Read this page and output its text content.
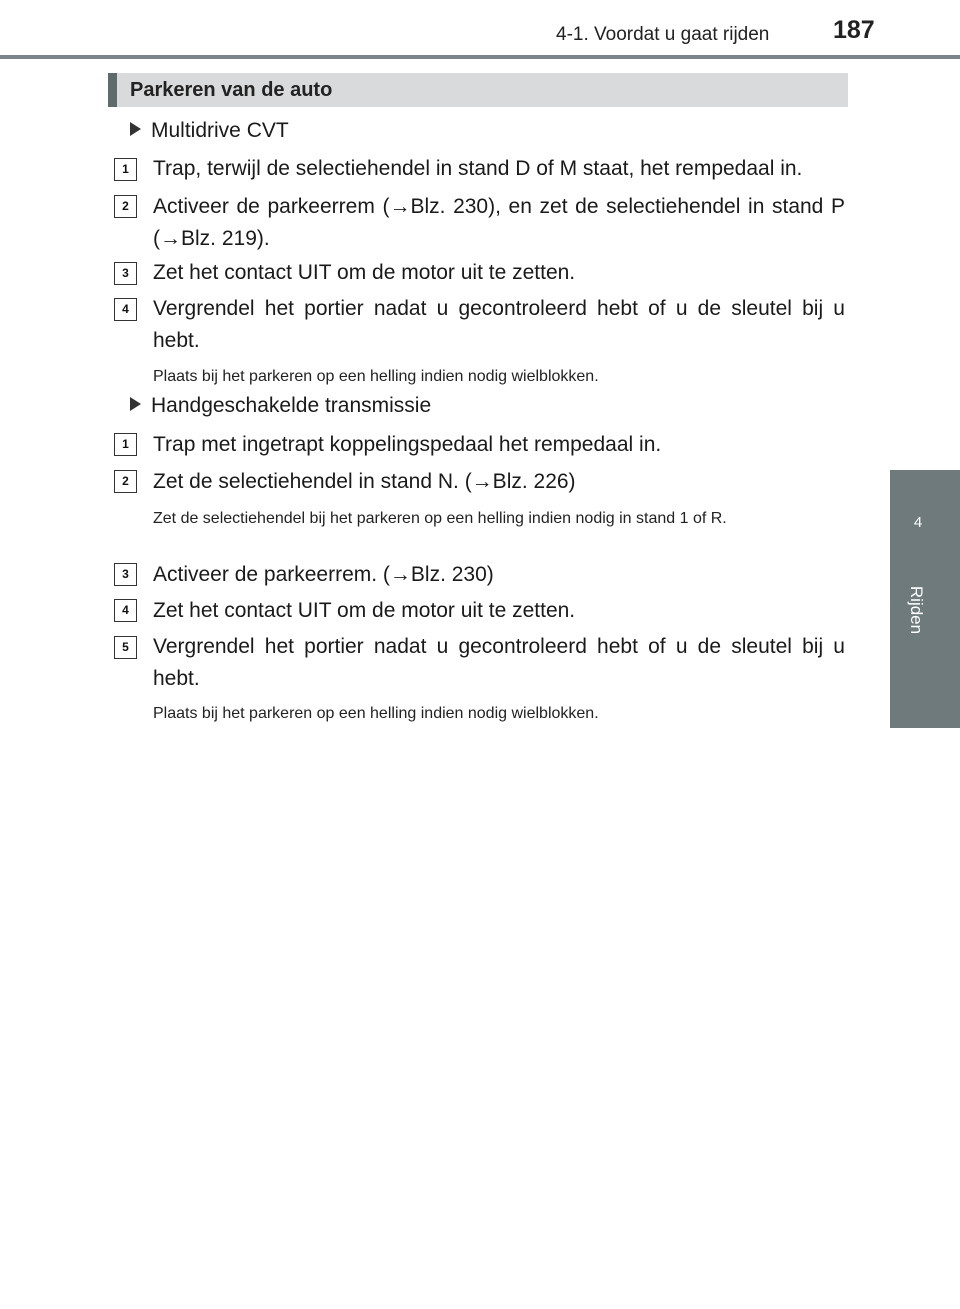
4-1. Voordat u gaat rijden	187
4
Rijden
Parkeren van de auto
Multidrive CVT
1	Trap, terwijl de selectiehendel in stand D of M staat, het rempedaal in.
2	Activeer de parkeerrem (→Blz. 230), en zet de selectiehendel in stand P (→Blz. 219).
3	Zet het contact UIT om de motor uit te zetten.
4	Vergrendel het portier nadat u gecontroleerd hebt of u de sleutel bij u hebt.
Plaats bij het parkeren op een helling indien nodig wielblokken.
Handgeschakelde transmissie
1	Trap met ingetrapt koppelingspedaal het rempedaal in.
2	Zet de selectiehendel in stand N. (→Blz. 226)
Zet de selectiehendel bij het parkeren op een helling indien nodig in stand 1 of R.
3	Activeer de parkeerrem. (→Blz. 230)
4	Zet het contact UIT om de motor uit te zetten.
5	Vergrendel het portier nadat u gecontroleerd hebt of u de sleutel bij u hebt.
Plaats bij het parkeren op een helling indien nodig wielblokken.
